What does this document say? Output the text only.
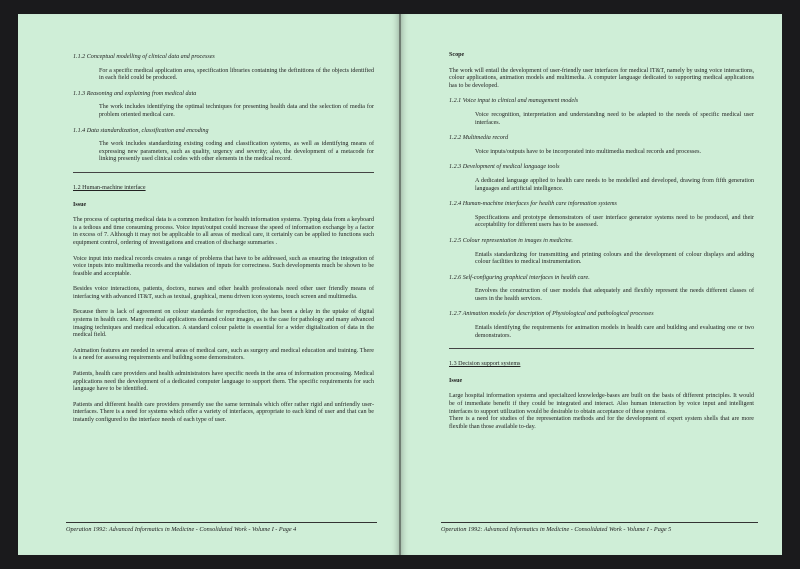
1.1.2 Conceptual modelling of clinical data and processes
For a specific medical application area, specification libraries containing the definitions of the objects identified in each field could be produced.
1.1.3 Reasoning and explaining from medical data
The work includes identifying the optimal techniques for presenting health data and the selection of media for problem oriented medical care.
1.1.4 Data standardization, classification and encoding
The work includes standardizing existing coding and classification systems, as well as identifying means of expressing new parameters, such as quality, urgency and severity; also, the development of a metacode for linking presently used clinical codes with other elements in the medical record.
1.2 Human-machine interface
Issue
The process of capturing medical data is a common limitation for health information systems. Typing data from a keyboard is a tedious and time consuming process. Voice input/output could increase the speed of information exchange by a factor in excess of 7. Although it may not be applicable to all areas of medical care, it certainly can be applied to functions such equipment control, ordering of investigations and creation of discharge summaries .
Voice input into medical records creates a range of problems that have to be addressed, such as ensuring the integration of voice inputs into multimedia records and the validation of inputs for correctness. Such developments much be shown to be feasible and acceptable.
Besides voice interactions, patients, doctors, nurses and other health professionals need other user friendly means of interfacing with advanced IT&T, such as textual, graphical, menu driven icon systems, touch screen and multimedia.
Because there is lack of agreement on colour standards for reproduction, the has been a delay in the uptake of digital systems in health care. Many medical applications demand colour images, as is the case for pathology and many advanced imaging techniques and medical education. A standard colour palette is essential for a wider digitalization of data in the medical field.
Animation features are needed in several areas of medical care, such as surgery and medical education and training. There is a need for assessing requirements and building some demonstrators.
Patients, health care providers and health administrators have specific needs in the area of information processing. Medical applications need the development of a dedicated computer language to support them. The specific requirements for such language have to be identified.
Patients and different health care providers presently use the same terminals which offer rather rigid and unfriendly user- interfaces. There is a need for systems which offer a variety of interfaces, appropriate to each kind of user and that can be instantly configured to the interface needs of each type of user.
Operation 1992: Advanced Informatics in Medicine - Consolidated Work - Volume I - Page 4
Scope
The work will entail the development of user-friendly user interfaces for medical IT&T, namely by using voice interactions, colour applications, animation models and multimedia. A computer language dedicated to supporting medical applications has to be developed.
1.2.1 Voice input to clinical and management models
Voice recognition, interpretation and understanding need to be adapted to the needs of specific medical user interfaces.
1.2.2 Multimedia record
Voice inputs/outputs have to be incorporated into multimedia medical records and processes.
1.2.3 Development of medical language tools
A dedicated language applied to health care needs to be modelled and developed, drawing from fifth generation languages and artificial intelligence.
1.2.4 Human-machine interfaces for health care information systems
Specifications and prototype demonstrators of user interface generator systems need to be produced, and their acceptability for different users has to be assessed.
1.2.5 Colour representation in images in medicine.
Entails standardizing for transmitting and printing colours and the development of colour displays and adding colour facilities to medical instrumentation.
1.2.6 Self-configuring graphical interfaces in health care.
Envolves the construction of user models that adequately and flexibly represent the needs different classes of users in the health services.
1.2.7 Animation models for description of Physiological and pathological processes
Entails identifying the requirements for animation models in health care and building and evaluating one or two demonstrators.
1.3 Decision support systems
Issue
Large hospital information systems and specialized knowledge-bases are built on the basis of different principles. It would be of immediate benefit if they could be integrated and interact. Also human interaction by voice input and intelligent interfaces to support utilization would be desirable to obtain acceptance of these systems.
There is a need for studies of the representation methods and for the development of expert system shells that are more flexible than those available to-day.
Operation 1992: Advanced Informatics in Medicine - Consolidated Work - Volume I - Page 5
